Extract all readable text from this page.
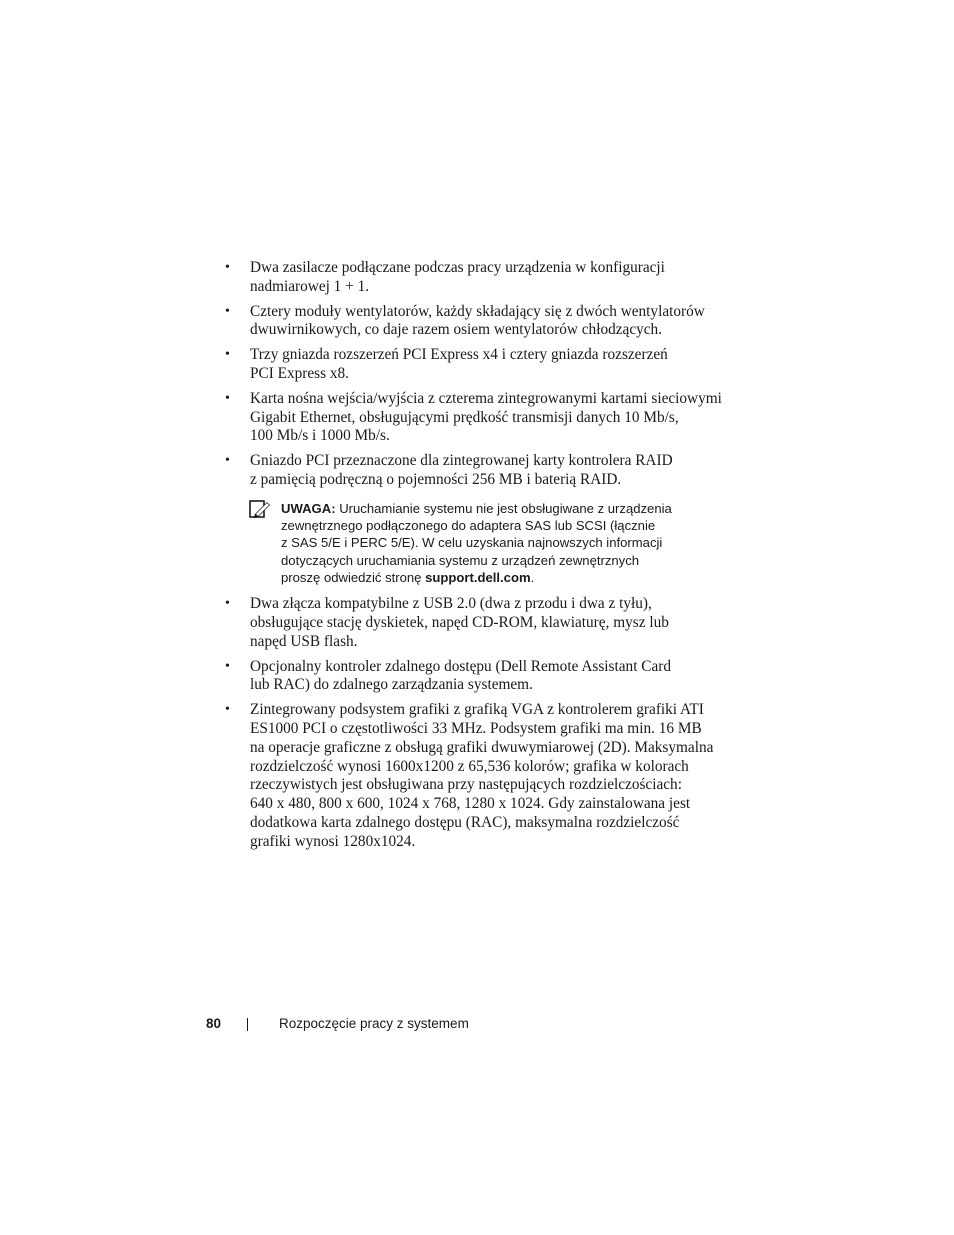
• Dwa zasilacze podłączane podczas pracy urządzenia w konfiguracji
nadmiarowej 1 + 1.
• Cztery moduły wentylatorów, każdy składający się z dwóch wentylatorów
dwuwirnikowych, co daje razem osiem wentylatorów chłodzących.
• Trzy gniazda rozszerzeń PCI Express x4 i cztery gniazda rozszerzeń
PCI Express x8.
• Karta nośna wejścia/wyjścia z czterema zintegrowanymi kartami sieciowymi
Gigabit Ethernet, obsługującymi prędkość transmisji danych 10 Mb/s,
100 Mb/s i 1000 Mb/s.
• Gniazdo PCI przeznaczone dla zintegrowanej karty kontrolera RAID
z pamięcią podręczną o pojemności 256 MB i baterią RAID.
UWAGA: Uruchamianie systemu nie jest obsługiwane z urządzenia
zewnętrznego podłączonego do adaptera SAS lub SCSI (łącznie
z SAS 5/E i PERC 5/E). W celu uzyskania najnowszych informacji
dotyczących uruchamiania systemu z urządzeń zewnętrznych
proszę odwiedzić stronę support.dell.com.
• Dwa złącza kompatybilne z USB 2.0 (dwa z przodu i dwa z tyłu),
obsługujące stację dyskietek, napęd CD-ROM, klawiaturę, mysz lub
napęd USB flash.
• Opcjonalny kontroler zdalnego dostępu (Dell Remote Assistant Card
lub RAC) do zdalnego zarządzania systemem.
• Zintegrowany podsystem grafiki z grafiką VGA z kontrolerem grafiki ATI
ES1000 PCI o częstotliwości 33 MHz. Podsystem grafiki ma min. 16 MB
na operacje graficzne z obsługą grafiki dwuwymiarowej (2D). Maksymalna
rozdzielczość wynosi 1600x1200 z 65,536 kolorów; grafika w kolorach
rzeczywistych jest obsługiwana przy następujących rozdzielczościach:
640 x 480, 800 x 600, 1024 x 768, 1280 x 1024. Gdy zainstalowana jest
dodatkowa karta zdalnego dostępu (RAC), maksymalna rozdzielczość
grafiki wynosi 1280x1024.
80	Rozpoczęcie pracy z systemem
